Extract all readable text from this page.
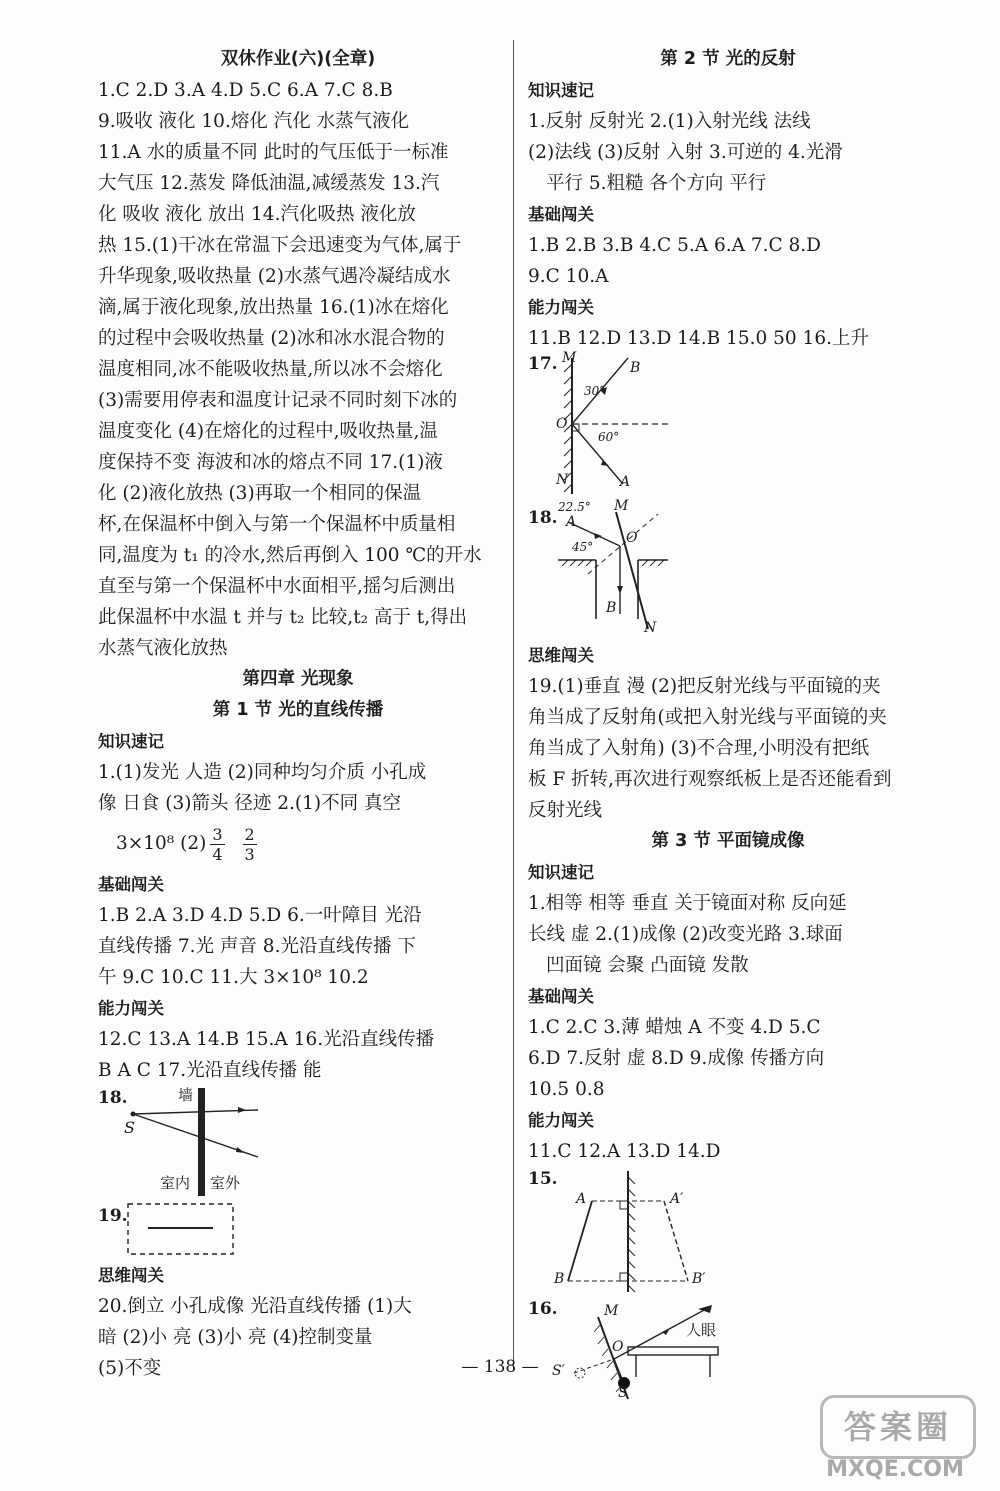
双休作业(六)(全章)
1.C 2.D 3.A 4.D 5.C 6.A 7.C 8.B
9.吸收 液化 10.熔化 汽化 水蒸气液化
11.A 水的质量不同 此时的气压低于一标准
大气压 12.蒸发 降低油温,减缓蒸发 13.汽
化 吸收 液化 放出 14.汽化吸热 液化放
热 15.(1)干冰在常温下会迅速变为气体,属于
升华现象,吸收热量 (2)水蒸气遇冷凝结成水
滴,属于液化现象,放出热量 16.(1)冰在熔化
的过程中会吸收热量 (2)冰和冰水混合物的
温度相同,冰不能吸收热量,所以冰不会熔化
(3)需要用停表和温度计记录不同时刻下冰的
温度变化 (4)在熔化的过程中,吸收热量,温
度保持不变 海波和冰的熔点不同 17.(1)液
化 (2)液化放热 (3)再取一个相同的保温
杯,在保温杯中倒入与第一个保温杯中质量相
同,温度为 t₁ 的冷水,然后再倒入 100 ℃的开水
直至与第一个保温杯中水面相平,摇匀后测出
此保温杯中水温 t 并与 t₂ 比较,t₂ 高于 t,得出
水蒸气液化放热
第四章 光现象
第 1 节 光的直线传播
知识速记
1.(1)发光 人造 (2)同种均匀介质 小孔成
像 日食 (3)箭头 径迹 2.(1)不同 真空
3×10⁸ $(2) \frac{3}{4} \frac{2}{3}$
基础闯关
1.B 2.A 3.D 4.D 5.D 6.一叶障目 光沿
直线传播 7.光 声音 8.光沿直线传播 下
午 9.C 10.C 11.大 3×10⁸ 10.2
能力闯关
12.C 13.A 14.B 15.A 16.光沿直线传播
B A C 17.光沿直线传播 能
18.	墙
S
室内 室外
19.
思维闯关
20.倒立 小孔成像 光沿直线传播 (1)大
暗 (2)小 亮 (3)小 亮 (4)控制变量
(5)不变
第 2 节 光的反射
知识速记
1.反射 反射光 2.(1)入射光线 法线
(2)法线 (3)反射 入射 3.可逆的 4.光滑
平行 5.粗糙 各个方向 平行
基础闯关
1.B 2.B 3.B 4.C 5.A 6.A 7.C 8.D
9.C 10.A
能力闯关
11.B 12.D 13.D 14.B 15.0 50 16.上升
17. M
B
30°
O
60°
N	A
18.
22.5° M
A
45°
O
B
N
思维闯关
19.(1)垂直 漫 (2)把反射光线与平面镜的夹
角当成了反射角(或把入射光线与平面镜的夹
角当成了入射角) (3)不合理,小明没有把纸
板 F 折转,再次进行观察纸板上是否还能看到
反射光线
第 3 节 平面镜成像
知识速记
1.相等 相等 垂直 关于镜面对称 反向延
长线 虚 2.(1)成像 (2)改变光路 3.球面
凹面镜 会聚 凸面镜 发散
基础闯关
1.C 2.C 3.薄 蜡烛 A 不变 4.D 5.C
6.D 7.反射 虚 8.D 9.成像 传播方向
10.5 0.8
能力闯关
11.C 12.A 13.D 14.D
15.
A	A′
B	B′
16.	M
O
人眼
S′
S
— 138 —
答案圈
MXQE.COM
